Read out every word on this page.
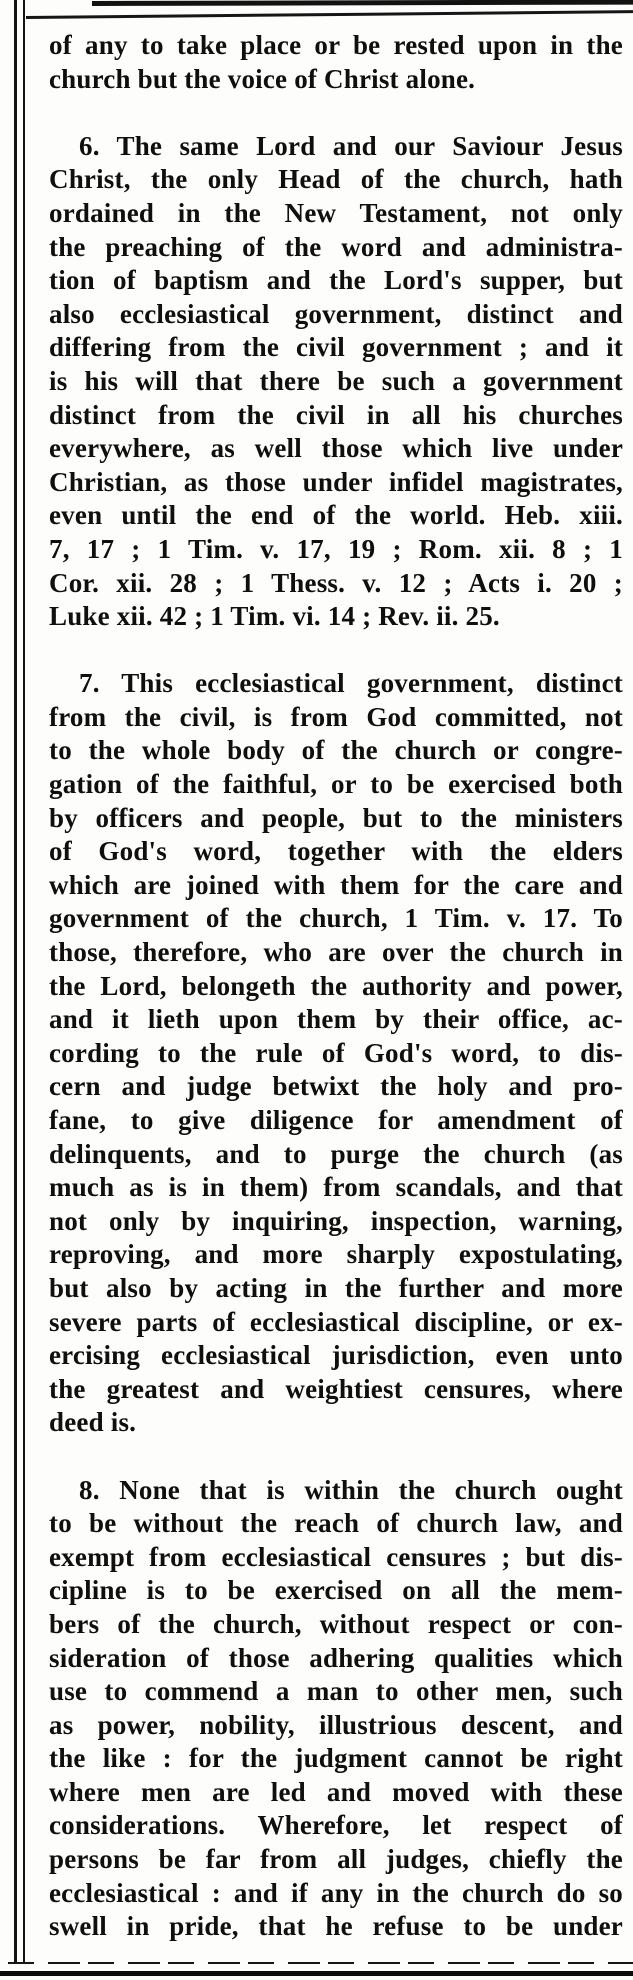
of any to take place or be rested upon in the
church but the voice of Christ alone.
6. The same Lord and our Saviour Jesus
Christ, the only Head of the church, hath
ordained in the New Testament, not only
the preaching of the word and administra-
tion of baptism and the Lord's supper, but
also ecclesiastical government, distinct and
differing from the civil government ; and it
is his will that there be such a government
distinct from the civil in all his churches
everywhere, as well those which live under
Christian, as those under infidel magistrates,
even until the end of the world. Heb. xiii.
7, 17 ; 1 Tim. v. 17, 19 ; Rom. xii. 8 ; 1
Cor. xii. 28 ; 1 Thess. v. 12 ; Acts i. 20 ;
Luke xii. 42 ; 1 Tim. vi. 14 ; Rev. ii. 25.
7. This ecclesiastical government, distinct
from the civil, is from God committed, not
to the whole body of the church or congre-
gation of the faithful, or to be exercised both
by officers and people, but to the ministers
of God's word, together with the elders
which are joined with them for the care and
government of the church, 1 Tim. v. 17. To
those, therefore, who are over the church in
the Lord, belongeth the authority and power,
and it lieth upon them by their office, ac-
cording to the rule of God's word, to dis-
cern and judge betwixt the holy and pro-
fane, to give diligence for amendment of
delinquents, and to purge the church (as
much as is in them) from scandals, and that
not only by inquiring, inspection, warning,
reproving, and more sharply expostulating,
but also by acting in the further and more
severe parts of ecclesiastical discipline, or ex-
ercising ecclesiastical jurisdiction, even unto
the greatest and weightiest censures, where
deed is.
8. None that is within the church ought
to be without the reach of church law, and
exempt from ecclesiastical censures ; but dis-
cipline is to be exercised on all the mem-
bers of the church, without respect or con-
sideration of those adhering qualities which
use to commend a man to other men, such
as power, nobility, illustrious descent, and
the like : for the judgment cannot be right
where men are led and moved with these
considerations. Wherefore, let respect of
persons be far from all judges, chiefly the
ecclesiastical : and if any in the church do so
swell in pride, that he refuse to be under
